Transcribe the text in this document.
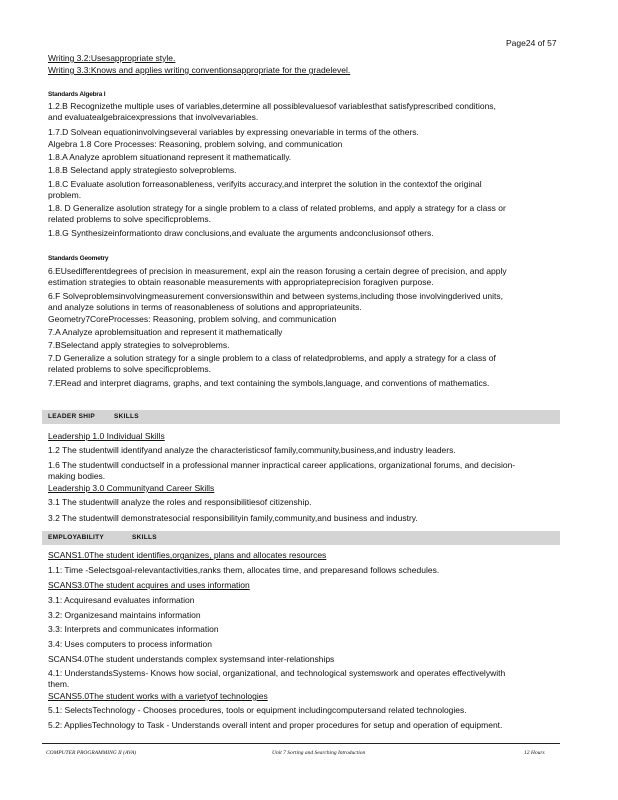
Page24 of 57
Writing 3.2:Usesappropriate style.
Writing 3.3:Knows and applies writing conventionsappropriate for the gradelevel.
Standards Algebra I
1.2.B Recognizethe multiple uses of variables,determine all possiblevaluesof variablesthat satisfyprescribed conditions,
and evaluatealgebraicexpressions that involvevariables.
1.7.D Solvean equationinvolvingseveral variables by expressing onevariable in terms of the others.
Algebra 1.8 Core Processes: Reasoning, problem solving, and communication
1.8.A Analyze aproblem situationand represent it mathematically.
1.8.B Selectand apply strategiesto solveproblems.
1.8.C Evaluate asolution forreasonableness, verifyits accuracy,and interpret the solution in the contextof the original
problem.
1.8. D Generalize asolution strategy for a single problem to a class of related problems, and apply a strategy for a class or
related problems to solve specificproblems.
1.8.G Synthesizeinformationto draw conclusions,and evaluate the arguments andconclusionsof others.
Standards Geometry
6.EUsedifferentdegrees of precision in measurement, expl ain the reason forusing a certain degree of precision, and apply
estimation strategies to obtain reasonable measurements with appropriateprecision foragiven purpose.
6.F Solveproblemsinvolvingmeasurement conversionswithin and between systems,including those involvingderived units,
and analyze solutions in terms of reasonableness of solutions and appropriateunits.
Geometry7CoreProcesses: Reasoning, problem solving, and communication
7.A Analyze aproblemsituation and represent it mathematically
7.BSelectand apply strategies to solveproblems.
7.D Generalize a solution strategy for a single problem to a class of relatedproblems, and apply a strategy for a class of
related problems to solve specificproblems.
7.ERead and interpret diagrams, graphs, and text containing the symbols,language, and conventions of mathematics.
LEADER SHIP	SKILLS
Leadership 1.0 Individual Skills
1.2 The studentwill identifyand analyze the characteristicsof family,community,business,and industry leaders.
1.6 The studentwill conductself in a professional manner inpractical career applications, organizational forums, and decision-
making bodies.
Leadership 3.0 Communityand Career Skills
3.1 The studentwill analyze the roles and responsibilitiesof citizenship.
3.2 The studentwill demonstratesocial responsibilityin family,community,and business and industry.
EMPLOYABILITY	SKILLS
SCANS1.0The student identifies,organizes, plans and allocates resources
1.1: Time -Selectsgoal-relevantactivities,ranks them, allocates time, and preparesand follows schedules.
SCANS3.0The student acquires and uses information
3.1: Acquiresand evaluates information
3.2: Organizesand maintains information
3.3: Interprets and communicates information
3.4: Uses computers to process information
SCANS4.0The student understands complex systemsand inter-relationships
4.1: UnderstandsSystems- Knows how social, organizational, and technological systemswork and operates effectivelywith
them.
SCANS5.0The student works with a varietyof technologies
5.1: SelectsTechnology - Chooses procedures, tools or equipment includingcomputersand related technologies.
5.2: AppliesTechnology to Task - Understands overall intent and proper procedures for setup and operation of equipment.
COMPUTER PROGRAMMING II (AVA)	Unit 7 Sorting and Searching Introduction	12 Hours
